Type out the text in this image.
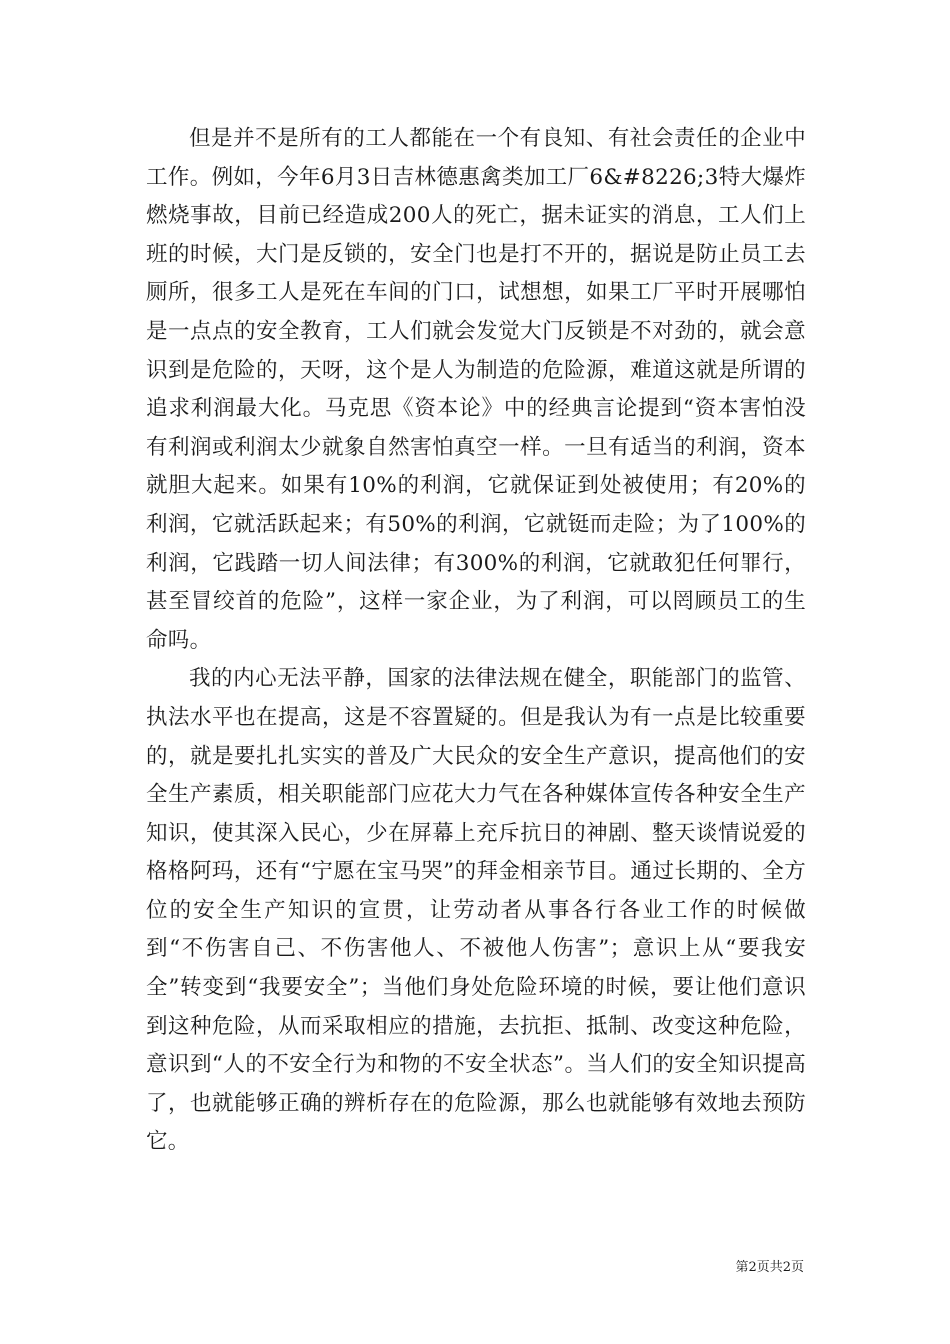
但是并不是所有的工人都能在一个有良知、有社会责任的企业中工作。例如，今年6月3日吉林德惠禽类加工厂6&#8226;3特大爆炸燃烧事故，目前已经造成200人的死亡，据未证实的消息，工人们上班的时候，大门是反锁的，安全门也是打不开的，据说是防止员工去厕所，很多工人是死在车间的门口，试想想，如果工厂平时开展哪怕是一点点的安全教育，工人们就会发觉大门反锁是不对劲的，就会意识到是危险的，天呀，这个是人为制造的危险源，难道这就是所谓的追求利润最大化。马克思《资本论》中的经典言论提到“资本害怕没有利润或利润太少就象自然害怕真空一样。一旦有适当的利润，资本就胆大起来。如果有10%的利润，它就保证到处被使用；有20%的利润，它就活跃起来；有50%的利润，它就铤而走险；为了100%的利润，它践踏一切人间法律；有300%的利润，它就敢犯任何罪行，甚至冒绞首的危险”，这样一家企业，为了利润，可以罔顾员工的生命吗。

我的内心无法平静，国家的法律法规在健全，职能部门的监管、执法水平也在提高，这是不容置疑的。但是我认为有一点是比较重要的，就是要扎扎实实的普及广大民众的安全生产意识，提高他们的安全生产素质，相关职能部门应花大力气在各种媒体宣传各种安全生产知识，使其深入民心，少在屏幕上充斥抗日的神剧、整天谈情说爱的格格阿玛，还有“宁愿在宝马哭”的拜金相亲节目。通过长期的、全方位的安全生产知识的宣贯，让劳动者从事各行各业工作的时候做到“不伤害自己、不伤害他人、不被他人伤害”；意识上从“要我安全”转变到“我要安全”；当他们身处危险环境的时候，要让他们意识到这种危险，从而采取相应的措施，去抗拒、抵制、改变这种危险，意识到“人的不安全行为和物的不安全状态”。当人们的安全知识提高了，也就能够正确的辨析存在的危险源，那么也就能够有效地去预防它。

第2页共2页
